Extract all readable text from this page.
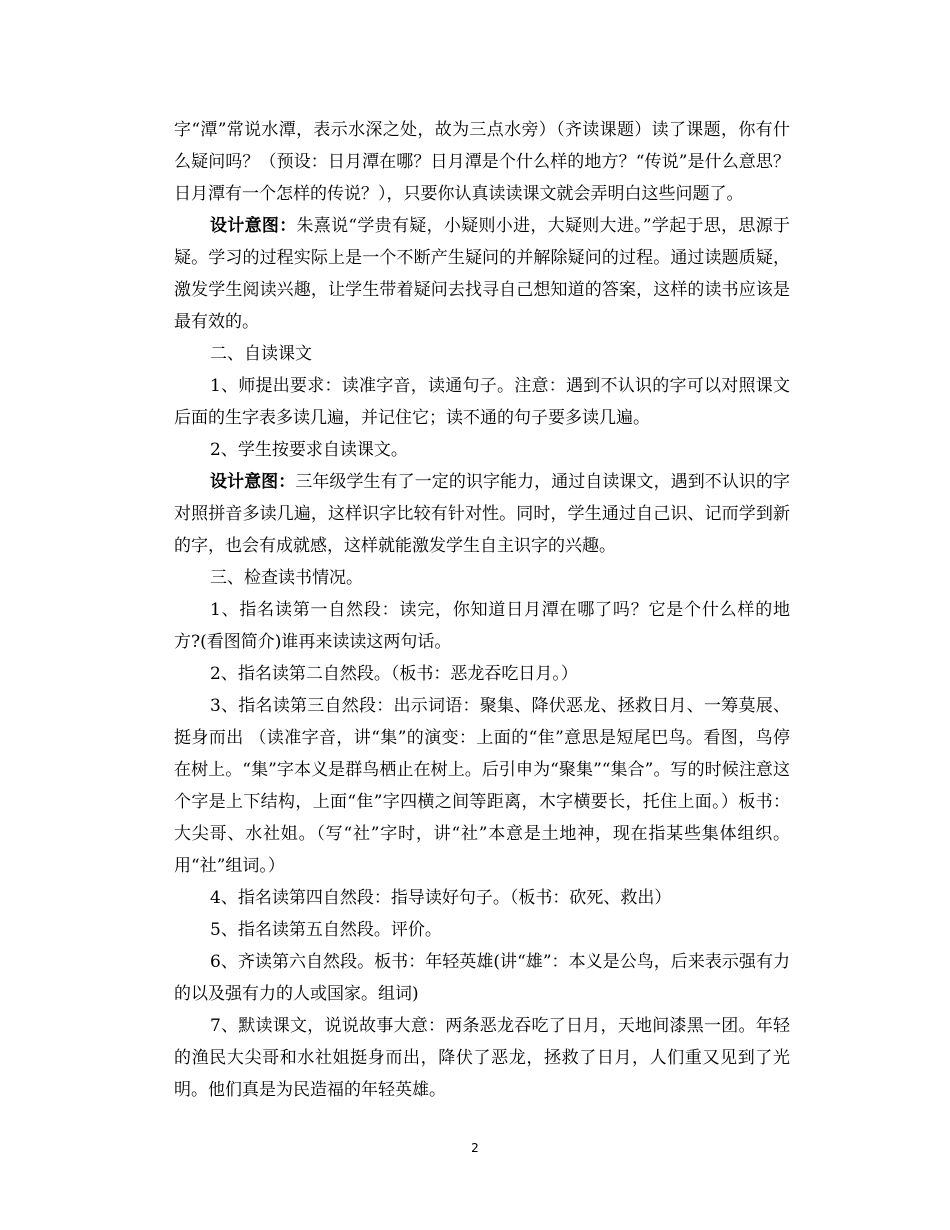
字“潭”常说水潭，表示水深之处，故为三点水旁）（齐读课题）读了课题，你有什么疑问吗？（预设：日月潭在哪？日月潭是个什么样的地方？“传说”是什么意思？日月潭有一个怎样的传说？），只要你认真读读课文就会弄明白这些问题了。

设计意图：朱熹说“学贵有疑，小疑则小进，大疑则大进。”学起于思，思源于疑。学习的过程实际上是一个不断产生疑问的并解除疑问的过程。通过读题质疑，激发学生阅读兴趣，让学生带着疑问去找寻自己想知道的答案，这样的读书应该是最有效的。

二、自读课文

1、师提出要求：读准字音，读通句子。注意：遇到不认识的字可以对照课文后面的生字表多读几遍，并记住它；读不通的句子要多读几遍。

2、学生按要求自读课文。

设计意图：三年级学生有了一定的识字能力，通过自读课文，遇到不认识的字对照拼音多读几遍，这样识字比较有针对性。同时，学生通过自己识、记而学到新的字，也会有成就感，这样就能激发学生自主识字的兴趣。

三、检查读书情况。

1、指名读第一自然段：读完，你知道日月潭在哪了吗？它是个什么样的地方?(看图简介)谁再来读读这两句话。

2、指名读第二自然段。（板书：恶龙吞吃日月。）

3、指名读第三自然段：出示词语：聚集、降伏恶龙、拯救日月、一筹莫展、挺身而出 （读准字音，讲“集”的演变：上面的“隹”意思是短尾巴鸟。看图，鸟停在树上。“集”字本义是群鸟栖止在树上。后引申为“聚集”“集合”。写的时候注意这个字是上下结构，上面“隹”字四横之间等距离，木字横要长，托住上面。）板书：大尖哥、水社姐。（写“社”字时，讲“社”本意是土地神，现在指某些集体组织。用“社”组词。）

4、指名读第四自然段：指导读好句子。（板书：砍死、救出）

5、指名读第五自然段。评价。

6、齐读第六自然段。板书：年轻英雄(讲“雄”：本义是公鸟，后来表示强有力的以及强有力的人或国家。组词)

7、默读课文，说说故事大意：两条恶龙吞吃了日月，天地间漆黑一团。年轻的渔民大尖哥和水社姐挺身而出，降伏了恶龙，拯救了日月，人们重又见到了光明。他们真是为民造福的年轻英雄。

2
